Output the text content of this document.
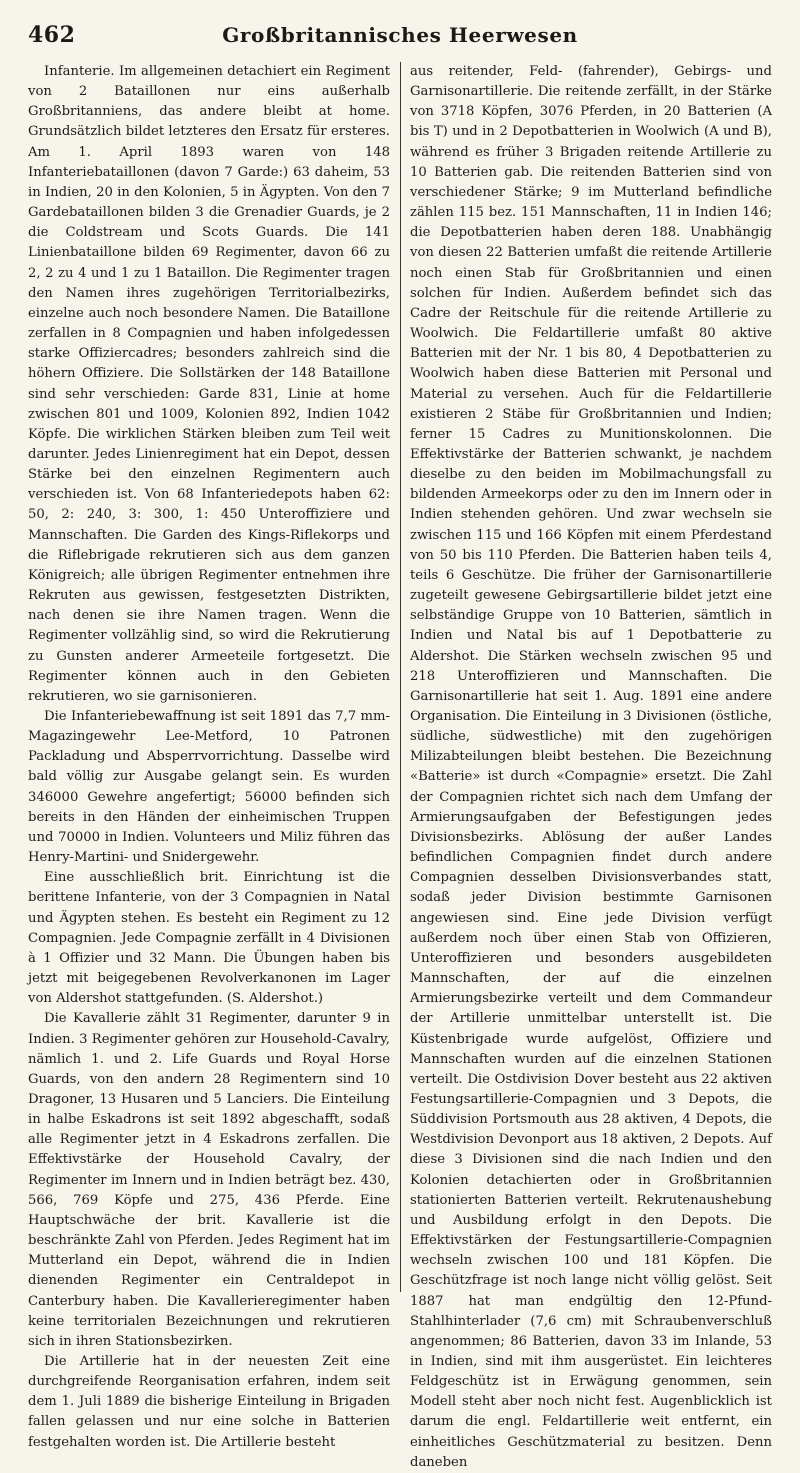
462	Großbritannisches Heerwesen

Infanterie. Im allgemeinen detachiert ein Regiment von 2 Bataillonen nur eins außerhalb Großbritanniens, das andere bleibt at home. Grundsätzlich bildet letzteres den Ersatz für ersteres. Am 1. April 1893 waren von 148 Infanteriebataillonen (davon 7 Garde:) 63 daheim, 53 in Indien, 20 in den Kolonien, 5 in Ägypten. Von den 7 Gardebataillonen bilden 3 die Grenadier Guards, je 2 die Coldstream und Scots Guards. Die 141 Linienbataillone bilden 69 Regimenter, davon 66 zu 2, 2 zu 4 und 1 zu 1 Bataillon. Die Regimenter tragen den Namen ihres zugehörigen Territorialbezirks, einzelne auch noch besondere Namen. Die Bataillone zerfallen in 8 Compagnien und haben infolgedessen starke Offiziercadres; besonders zahlreich sind die höhern Offiziere. Die Sollstärken der 148 Bataillone sind sehr verschieden: Garde 831, Linie at home zwischen 801 und 1009, Kolonien 892, Indien 1042 Köpfe. Die wirklichen Stärken bleiben zum Teil weit darunter. Jedes Linienregiment hat ein Depot, dessen Stärke bei den einzelnen Regimentern auch verschieden ist. Von 68 Infanteriedepots haben 62: 50, 2: 240, 3: 300, 1: 450 Unteroffiziere und Mannschaften. Die Garden des Kings-Riflekorps und die Riflebrigade rekrutieren sich aus dem ganzen Königreich; alle übrigen Regimenter entnehmen ihre Rekruten aus gewissen, festgesetzten Distrikten, nach denen sie ihre Namen tragen. Wenn die Regimenter vollzählig sind, so wird die Rekrutierung zu Gunsten anderer Armeeteile fortgesetzt. Die Regimenter können auch in den Gebieten rekrutieren, wo sie garnisonieren.

Die Infanteriebewaffnung ist seit 1891 das 7,7 mm-Magazingewehr Lee-Metford, 10 Patronen Packladung und Absperrvorrichtung. Dasselbe wird bald völlig zur Ausgabe gelangt sein. Es wurden 346000 Gewehre angefertigt; 56000 befinden sich bereits in den Händen der einheimischen Truppen und 70000 in Indien. Volunteers und Miliz führen das Henry-Martini- und Snidergewehr.

Eine ausschließlich brit. Einrichtung ist die berittene Infanterie, von der 3 Compagnien in Natal und Ägypten stehen. Es besteht ein Regiment zu 12 Compagnien. Jede Compagnie zerfällt in 4 Divisionen à 1 Offizier und 32 Mann. Die Übungen haben bis jetzt mit beigegebenen Revolverkanonen im Lager von Aldershot stattgefunden. (S. Aldershot.)

Die Kavallerie zählt 31 Regimenter, darunter 9 in Indien. 3 Regimenter gehören zur Household-Cavalry, nämlich 1. und 2. Life Guards und Royal Horse Guards, von den andern 28 Regimentern sind 10 Dragoner, 13 Husaren und 5 Lanciers. Die Einteilung in halbe Eskadrons ist seit 1892 abgeschafft, sodaß alle Regimenter jetzt in 4 Eskadrons zerfallen. Die Effektivstärke der Household Cavalry, der Regimenter im Innern und in Indien beträgt bez. 430, 566, 769 Köpfe und 275, 436 Pferde. Eine Hauptschwäche der brit. Kavallerie ist die beschränkte Zahl von Pferden. Jedes Regiment hat im Mutterland ein Depot, während die in Indien dienenden Regimenter ein Centraldepot in Canterbury haben. Die Kavallerieregimenter haben keine territorialen Bezeichnungen und rekrutieren sich in ihren Stationsbezirken.

Die Artillerie hat in der neuesten Zeit eine durchgreifende Reorganisation erfahren, indem seit dem 1. Juli 1889 die bisherige Einteilung in Brigaden fallen gelassen und nur eine solche in Batterien festgehalten worden ist. Die Artillerie besteht

aus reitender, Feld- (fahrender), Gebirgs- und Garnisonartillerie. Die reitende zerfällt, in der Stärke von 3718 Köpfen, 3076 Pferden, in 20 Batterien (A bis T) und in 2 Depotbatterien in Woolwich (A und B), während es früher 3 Brigaden reitende Artillerie zu 10 Batterien gab. Die reitenden Batterien sind von verschiedener Stärke; 9 im Mutterland befindliche zählen 115 bez. 151 Mannschaften, 11 in Indien 146; die Depotbatterien haben deren 188. Unabhängig von diesen 22 Batterien umfaßt die reitende Artillerie noch einen Stab für Großbritannien und einen solchen für Indien. Außerdem befindet sich das Cadre der Reitschule für die reitende Artillerie zu Woolwich. Die Feldartillerie umfaßt 80 aktive Batterien mit der Nr. 1 bis 80, 4 Depotbatterien zu Woolwich haben diese Batterien mit Personal und Material zu versehen. Auch für die Feldartillerie existieren 2 Stäbe für Großbritannien und Indien; ferner 15 Cadres zu Munitionskolonnen. Die Effektivstärke der Batterien schwankt, je nachdem dieselbe zu den beiden im Mobilmachungsfall zu bildenden Armeekorps oder zu den im Innern oder in Indien stehenden gehören. Und zwar wechseln sie zwischen 115 und 166 Köpfen mit einem Pferdestand von 50 bis 110 Pferden. Die Batterien haben teils 4, teils 6 Geschütze. Die früher der Garnisonartillerie zugeteilt gewesene Gebirgsartillerie bildet jetzt eine selbständige Gruppe von 10 Batterien, sämtlich in Indien und Natal bis auf 1 Depotbatterie zu Aldershot. Die Stärken wechseln zwischen 95 und 218 Unteroffizieren und Mannschaften. Die Garnisonartillerie hat seit 1. Aug. 1891 eine andere Organisation. Die Einteilung in 3 Divisionen (östliche, südliche, südwestliche) mit den zugehörigen Milizabteilungen bleibt bestehen. Die Bezeichnung «Batterie» ist durch «Compagnie» ersetzt. Die Zahl der Compagnien richtet sich nach dem Umfang der Armierungsaufgaben der Befestigungen jedes Divisionsbezirks. Ablösung der außer Landes befindlichen Compagnien findet durch andere Compagnien desselben Divisionsverbandes statt, sodaß jeder Division bestimmte Garnisonen angewiesen sind. Eine jede Division verfügt außerdem noch über einen Stab von Offizieren, Unteroffizieren und besonders ausgebildeten Mannschaften, der auf die einzelnen Armierungsbezirke verteilt und dem Commandeur der Artillerie unmittelbar unterstellt ist. Die Küstenbrigade wurde aufgelöst, Offiziere und Mannschaften wurden auf die einzelnen Stationen verteilt. Die Ostdivision Dover besteht aus 22 aktiven Festungsartillerie-Compagnien und 3 Depots, die Süddivision Portsmouth aus 28 aktiven, 4 Depots, die Westdivision Devonport aus 18 aktiven, 2 Depots. Auf diese 3 Divisionen sind die nach Indien und den Kolonien detachierten oder in Großbritannien stationierten Batterien verteilt. Rekrutenaushebung und Ausbildung erfolgt in den Depots. Die Effektivstärken der Festungsartillerie-Compagnien wechseln zwischen 100 und 181 Köpfen. Die Geschützfrage ist noch lange nicht völlig gelöst. Seit 1887 hat man endgültig den 12-Pfund-Stahlhinterlader (7,6 cm) mit Schraubenverschluß angenommen; 86 Batterien, davon 33 im Inlande, 53 in Indien, sind mit ihm ausgerüstet. Ein leichteres Feldgeschütz ist in Erwägung genommen, sein Modell steht aber noch nicht fest. Augenblicklich ist darum die engl. Feldartillerie weit entfernt, ein einheitliches Geschützmaterial zu besitzen. Denn daneben
